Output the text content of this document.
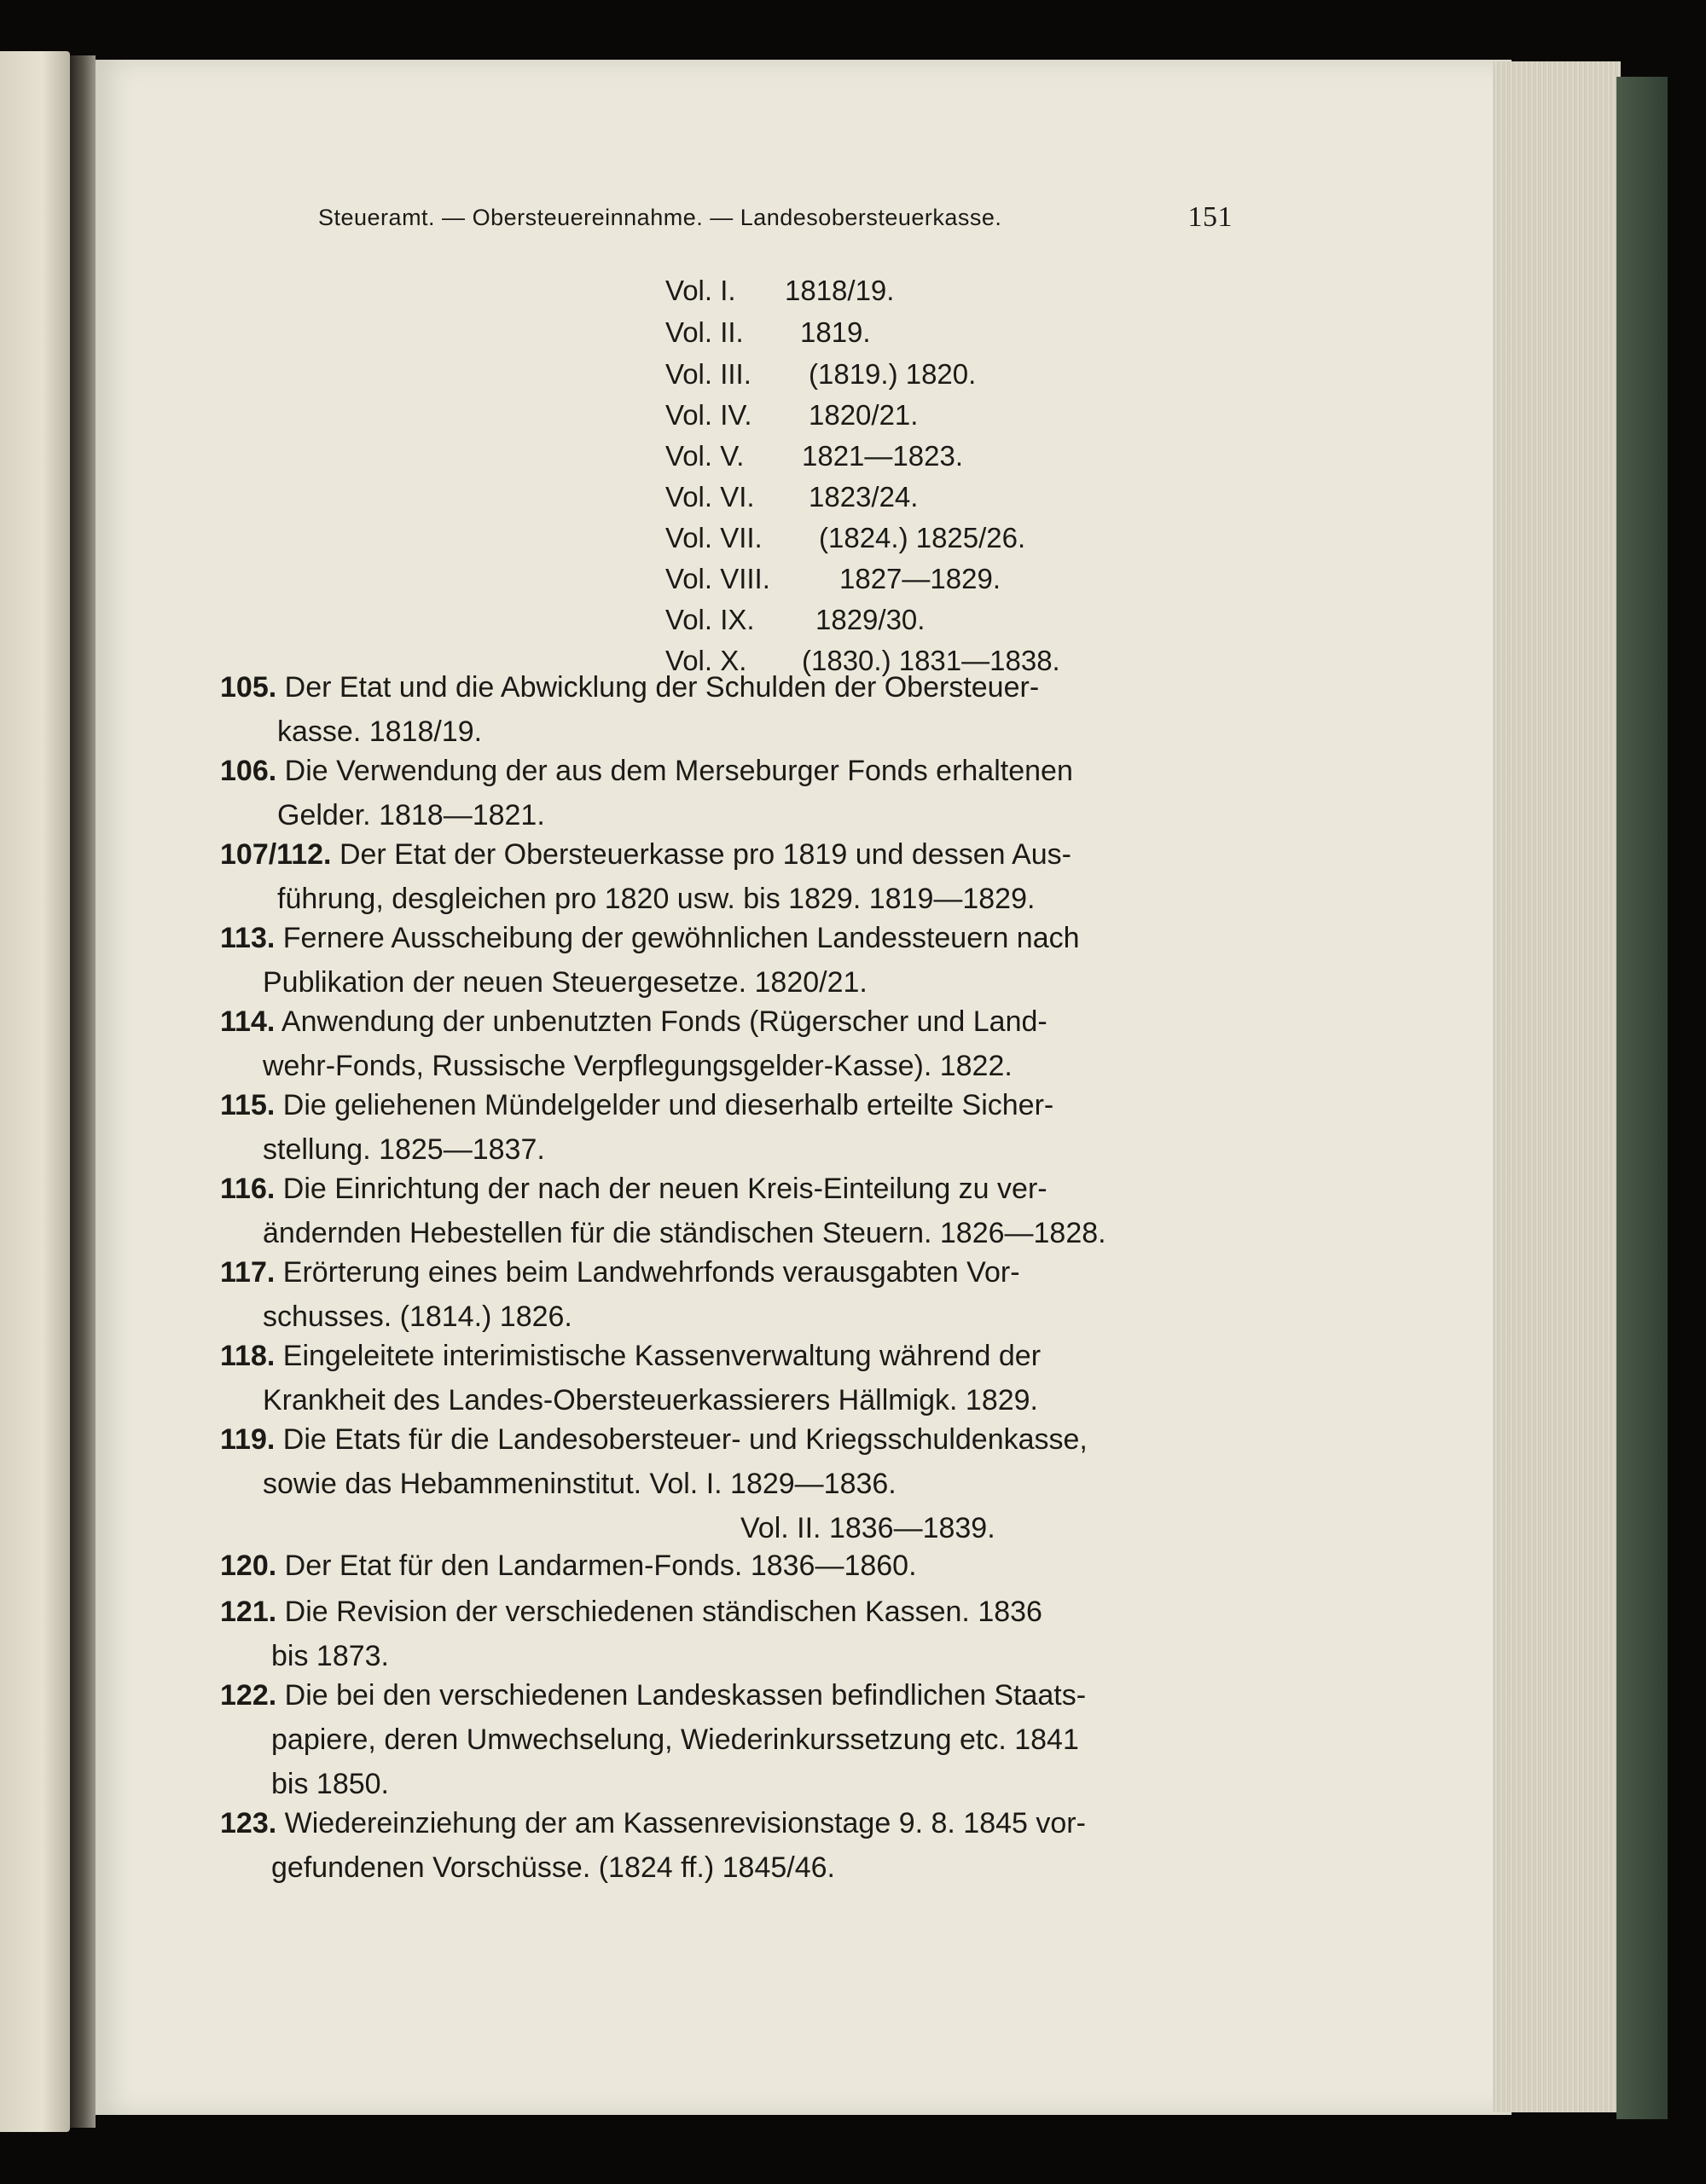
Steueramt. — Obersteuereinnahme. — Landesobersteuerkasse.	151
Vol. I. 1818/19.
Vol. II. 1819.
Vol. III. (1819.) 1820.
Vol. IV. 1820/21.
Vol. V. 1821—1823.
Vol. VI. 1823/24.
Vol. VII. (1824.) 1825/26.
Vol. VIII. 1827—1829.
Vol. IX. 1829/30.
Vol. X. (1830.) 1831—1838.
105. Der Etat und die Abwicklung der Schulden der Obersteuer-
kasse. 1818/19.
106. Die Verwendung der aus dem Merseburger Fonds erhaltenen
Gelder. 1818—1821.
107/112. Der Etat der Obersteuerkasse pro 1819 und dessen Aus-
führung, desgleichen pro 1820 usw. bis 1829. 1819—1829.
113. Fernere Ausscheibung der gewöhnlichen Landessteuern nach
Publikation der neuen Steuergesetze. 1820/21.
114. Anwendung der unbenutzten Fonds (Rügerscher und Land-
wehr-Fonds, Russische Verpflegungsgelder-Kasse). 1822.
115. Die geliehenen Mündelgelder und dieserhalb erteilte Sicher-
stellung. 1825—1837.
116. Die Einrichtung der nach der neuen Kreis-Einteilung zu ver-
ändernden Hebestellen für die ständischen Steuern. 1826—1828.
117. Erörterung eines beim Landwehrfonds verausgabten Vor-
schusses. (1814.) 1826.
118. Eingeleitete interimistische Kassenverwaltung während der
Krankheit des Landes-Obersteuerkassierers Hällmigk. 1829.
119. Die Etats für die Landesobersteuer- und Kriegsschuldenkasse,
sowie das Hebammeninstitut. Vol. I. 1829—1836.
Vol. II. 1836—1839.
120. Der Etat für den Landarmen-Fonds. 1836—1860.
121. Die Revision der verschiedenen ständischen Kassen. 1836
bis 1873.
122. Die bei den verschiedenen Landeskassen befindlichen Staats-
papiere, deren Umwechselung, Wiederinkurssetzung etc. 1841
bis 1850.
123. Wiedereinziehung der am Kassenrevisionstage 9. 8. 1845 vor-
gefundenen Vorschüsse. (1824 ff.) 1845/46.
